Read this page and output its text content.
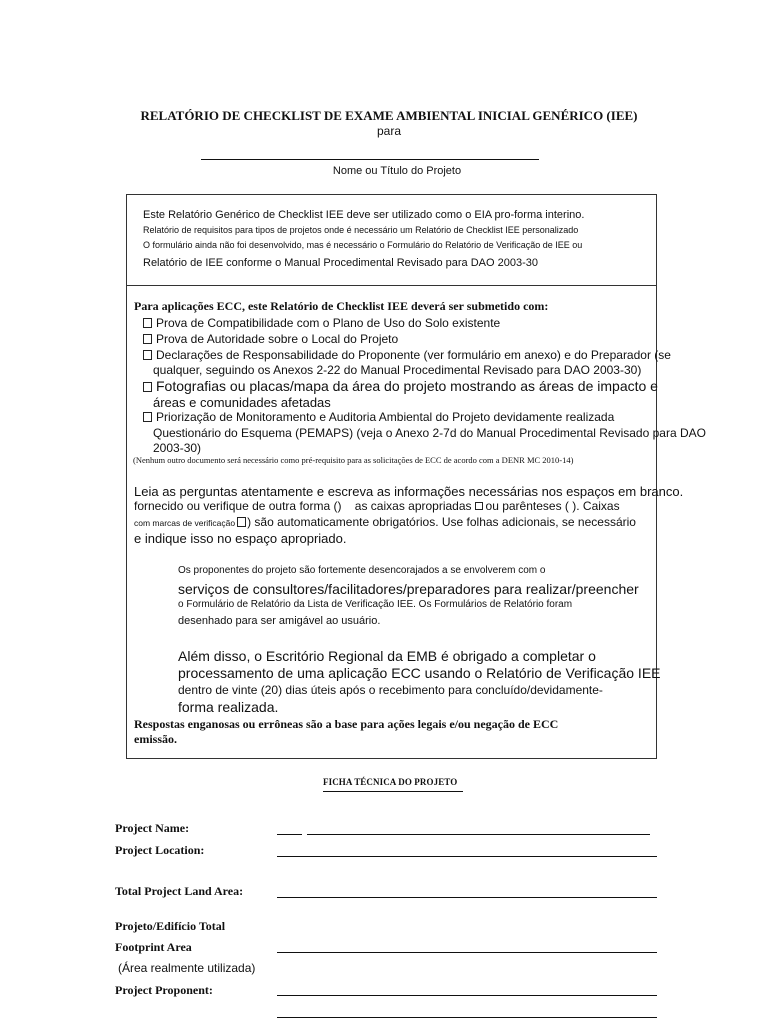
RELATÓRIO DE CHECKLIST DE EXAME AMBIENTAL INICIAL GENÉRICO (IEE)
para
Nome ou Título do Projeto
Este Relatório Genérico de Checklist IEE deve ser utilizado como o EIA pro-forma interino.
Relatório de requisitos para tipos de projetos onde é necessário um Relatório de Checklist IEE personalizado
O formulário ainda não foi desenvolvido, mas é necessário o Formulário do Relatório de Verificação de IEE ou
Relatório de IEE conforme o Manual Procedimental Revisado para DAO 2003-30
Para aplicações ECC, este Relatório de Checklist IEE deverá ser submetido com:
Prova de Compatibilidade com o Plano de Uso do Solo existente
Prova de Autoridade sobre o Local do Projeto
Declarações de Responsabilidade do Proponente (ver formulário em anexo) e do Preparador (se
qualquer, seguindo os Anexos 2-22 do Manual Procedimental Revisado para DAO 2003-30)
Fotografias ou placas/mapa da área do projeto mostrando as áreas de impacto e
áreas e comunidades afetadas
Priorização de Monitoramento e Auditoria Ambiental do Projeto devidamente realizada
Questionário do Esquema (PEMAPS) (veja o Anexo 2-7d do Manual Procedimental Revisado para DAO
2003-30)
(Nenhum outro documento será necessário como pré-requisito para as solicitações de ECC de acordo com a DENR MC 2010-14)
Leia as perguntas atentamente e escreva as informações necessárias nos espaços em branco.
fornecido ou verifique de outra forma () as caixas apropriadas ou parênteses ( ). Caixas
com marcas de verificação ) são automaticamente obrigatórios. Use folhas adicionais, se necessário
e indique isso no espaço apropriado.
Os proponentes do projeto são fortemente desencorajados a se envolverem com o
serviços de consultores/facilitadores/preparadores para realizar/preencher
o Formulário de Relatório da Lista de Verificação IEE. Os Formulários de Relatório foram
desenhado para ser amigável ao usuário.
Além disso, o Escritório Regional da EMB é obrigado a completar o
processamento de uma aplicação ECC usando o Relatório de Verificação IEE
dentro de vinte (20) dias úteis após o recebimento para concluído/devidamente-
forma realizada.
Respostas enganosas ou errôneas são a base para ações legais e/ou negação de ECC
emissão.
FICHA TÉCNICA DO PROJETO
Project Name:
Project Location:
Total Project Land Area:
Projeto/Edifício Total
Footprint Area
(Área realmente utilizada)
Project Proponent:
